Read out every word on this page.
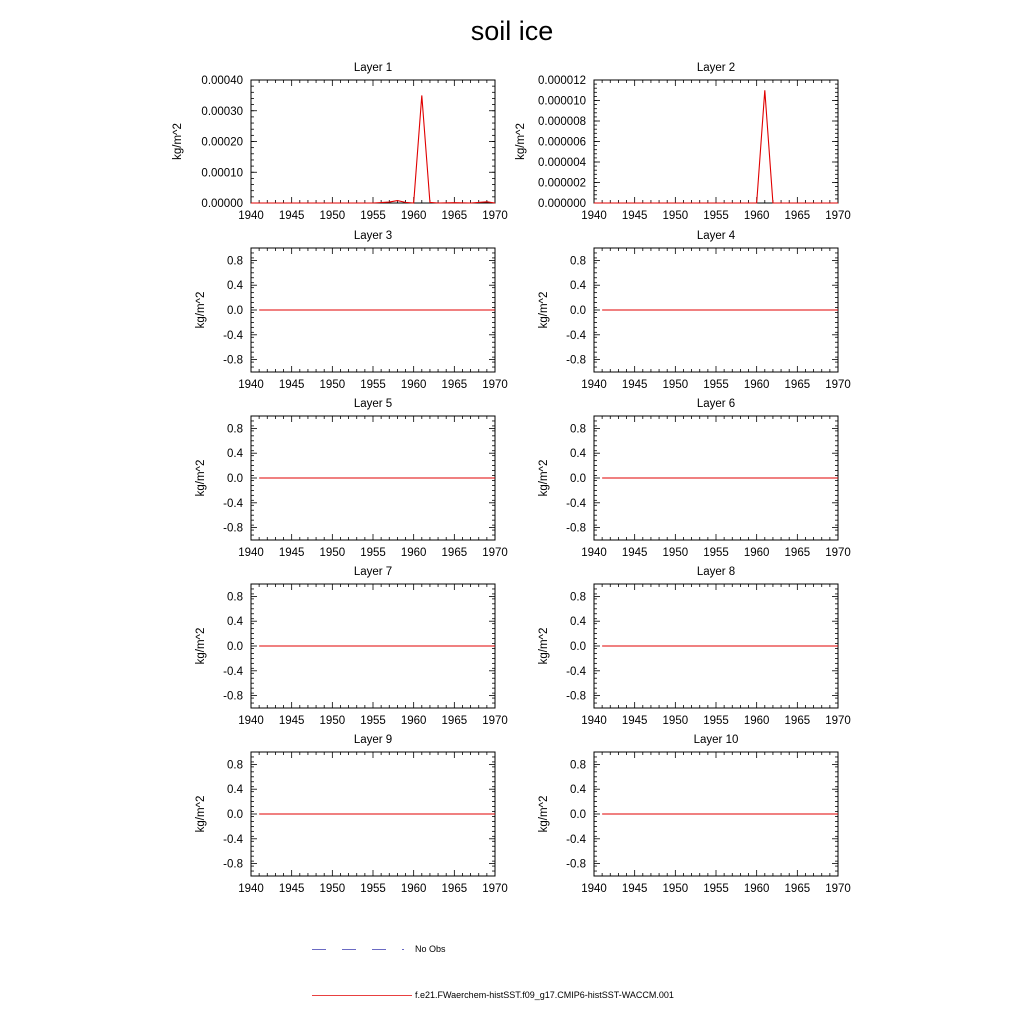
soil ice
Layer 1
1940 1945 1950 1955 1960 1965 1970
0.00000
0.00010
0.00020
0.00030
0.00040
kg/m^2
Layer 2
1940 1945 1950 1955 1960 1965 1970
0.000000
0.000002
0.000004
0.000006
0.000008
0.000010
0.000012
kg/m^2
Layer 3
1940 1945 1950 1955 1960 1965 1970
-0.8
-0.4
0.0
0.4
0.8
kg/m^2
Layer 4
1940 1945 1950 1955 1960 1965 1970
-0.8
-0.4
0.0
0.4
0.8
kg/m^2
Layer 5
1940 1945 1950 1955 1960 1965 1970
-0.8
-0.4
0.0
0.4
0.8
kg/m^2
Layer 6
1940 1945 1950 1955 1960 1965 1970
-0.8
-0.4
0.0
0.4
0.8
kg/m^2
Layer 7
1940 1945 1950 1955 1960 1965 1970
-0.8
-0.4
0.0
0.4
0.8
kg/m^2
Layer 8
1940 1945 1950 1955 1960 1965 1970
-0.8
-0.4
0.0
0.4
0.8
kg/m^2
Layer 9
1940 1945 1950 1955 1960 1965 1970
-0.8
-0.4
0.0
0.4
0.8
kg/m^2
Layer 10
1940 1945 1950 1955 1960 1965 1970
-0.8
-0.4
0.0
0.4
0.8
kg/m^2
No Obs
f.e21.FWaerchem-histSST.f09_g17.CMIP6-histSST-WACCM.001
